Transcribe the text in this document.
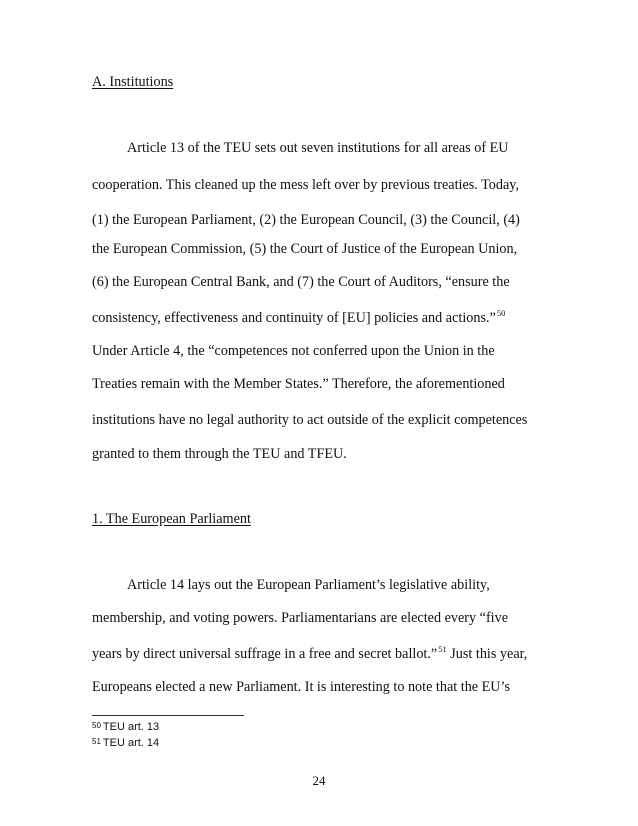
A. Institutions
Article 13 of the TEU sets out seven institutions for all areas of EU
cooperation. This cleaned up the mess left over by previous treaties. Today,
(1) the European Parliament, (2) the European Council, (3) the Council, (4)
the European Commission, (5) the Court of Justice of the European Union,
(6) the European Central Bank, and (7) the Court of Auditors, “ensure the
consistency, effectiveness and continuity of [EU] policies and actions.”$^{50}$
Under Article 4, the “competences not conferred upon the Union in the
Treaties remain with the Member States.” Therefore, the aforementioned
institutions have no legal authority to act outside of the explicit competences
granted to them through the TEU and TFEU.
1. The European Parliament
Article 14 lays out the European Parliament’s legislative ability,
membership, and voting powers. Parliamentarians are elected every “five
years by direct universal suffrage in a free and secret ballot.”$^{51}$ Just this year,
Europeans elected a new Parliament. It is interesting to note that the EU’s
$^{50}$ TEU art. 13
$^{51}$ TEU art. 14
24
